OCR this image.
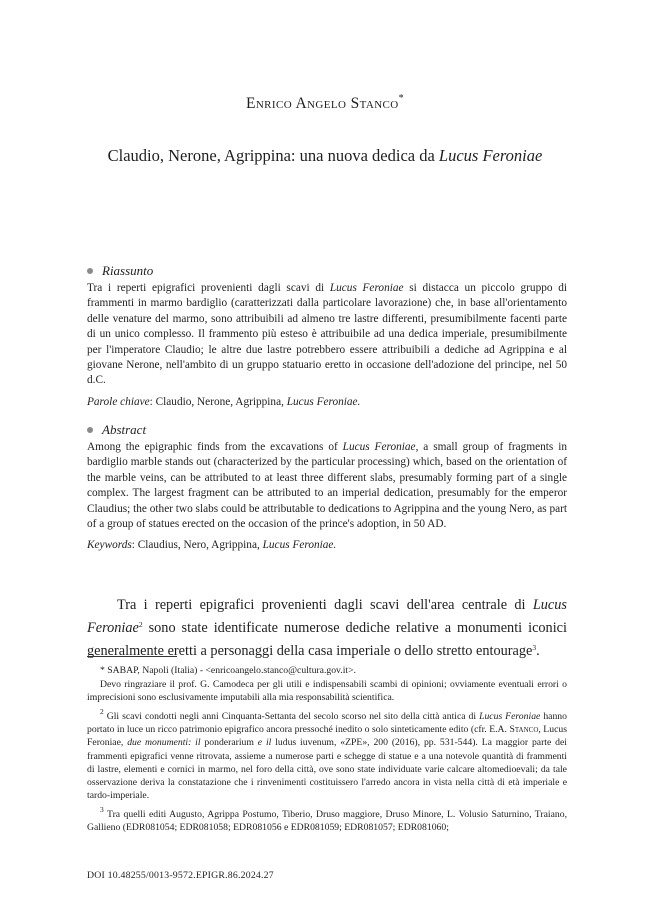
Enrico Angelo Stanco*
Claudio, Nerone, Agrippina: una nuova dedica da Lucus Feroniae
Riassunto

Tra i reperti epigrafici provenienti dagli scavi di Lucus Feroniae si distacca un piccolo gruppo di frammenti in marmo bardiglio (caratterizzati dalla particolare lavorazione) che, in base all'orientamento delle venature del marmo, sono attribuibili ad almeno tre lastre differenti, presumibilmente facenti parte di un unico complesso. Il frammento più esteso è attribuibile ad una dedica imperiale, presumibilmente per l'imperatore Claudio; le altre due lastre potrebbero essere attribuibili a dediche ad Agrippina e al giovane Nerone, nell'ambito di un gruppo statuario eretto in occasione dell'adozione del principe, nel 50 d.C.

Parole chiave: Claudio, Nerone, Agrippina, Lucus Feroniae.
Abstract

Among the epigraphic finds from the excavations of Lucus Feroniae, a small group of fragments in bardiglio marble stands out (characterized by the particular processing) which, based on the orientation of the marble veins, can be attributed to at least three different slabs, presumably forming part of a single complex. The largest fragment can be attributed to an imperial dedication, presumably for the emperor Claudius; the other two slabs could be attributable to dedications to Agrippina and the young Nero, as part of a group of statues erected on the occasion of the prince's adoption, in 50 AD.

Keywords: Claudius, Nero, Agrippina, Lucus Feroniae.

Tra i reperti epigrafici provenienti dagli scavi dell'area centrale di Lucus Feroniae$^2$ sono state identificate numerose dediche relative a monumenti iconici generalmente eretti a personaggi della casa imperiale o dello stretto entourage$^3$.

* SABAP, Napoli (Italia) - <enricoangelo.stanco@cultura.gov.it>.

Devo ringraziare il prof. G. Camodeca per gli utili e indispensabili scambi di opinioni; ovviamente eventuali errori o imprecisioni sono esclusivamente imputabili alla mia responsabilità scientifica.

$^2$ Gli scavi condotti negli anni Cinquanta-Settanta del secolo scorso nel sito della città antica di Lucus Feroniae hanno portato in luce un ricco patrimonio epigrafico ancora pressoché inedito o solo sinteticamente edito (cfr. E.A. Stanco, Lucus Feroniae, due monumenti: il ponderarium e il ludus iuvenum, «ZPE», 200 (2016), pp. 531-544). La maggior parte dei frammenti epigrafici venne ritrovata, assieme a numerose parti e schegge di statue e a una notevole quantità di frammenti di lastre, elementi e cornici in marmo, nel foro della città, ove sono state individuate varie calcare altomedioevali; da tale osservazione deriva la constatazione che i rinvenimenti costituissero l'arredo ancora in vista nella città di età imperiale e tardo-imperiale.

$^3$ Tra quelli editi Augusto, Agrippa Postumo, Tiberio, Druso maggiore, Druso Minore, L. Volusio Saturnino, Traiano, Gallieno (EDR081054; EDR081058; EDR081056 e EDR081059; EDR081057; EDR081060;

DOI 10.48255/0013-9572.EPIGR.86.2024.27
